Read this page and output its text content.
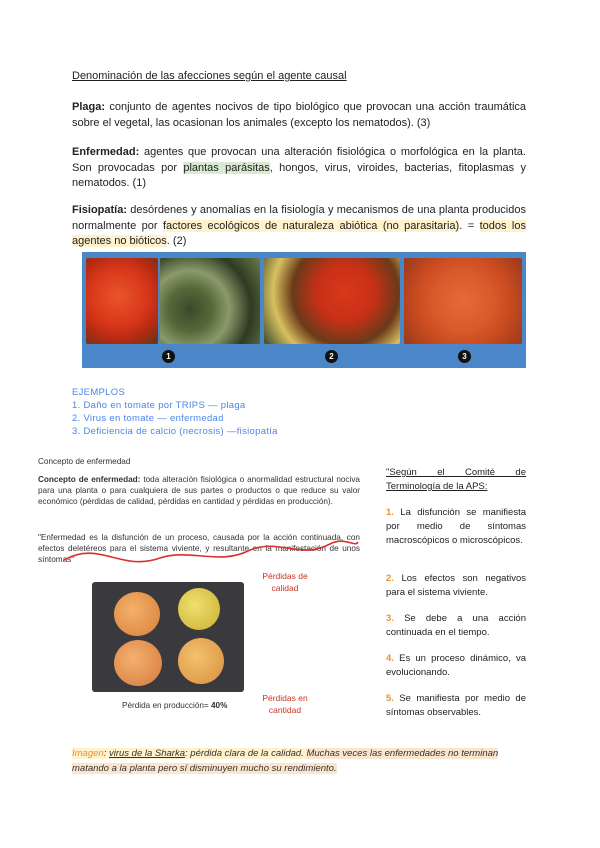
Denominación de las afecciones según el agente causal
Plaga: conjunto de agentes nocivos de tipo biológico que provocan una acción traumática sobre el vegetal, las ocasionan los animales (excepto los nematodos). (3)
Enfermedad: agentes que provocan una alteración fisiológica o morfológica en la planta. Son provocadas por plantas parásitas, hongos, virus, viroides, bacterias, fitoplasmas y nematodos. (1)
Fisiopatía: desórdenes y anomalías en la fisiología y mecanismos de una planta producidos normalmente por factores ecológicos de naturaleza abiótica (no parasitaria). = todos los agentes no bióticos. (2)
1	2	3
EJEMPLOS
1. Daño en tomate por TRIPS — plaga
2. Virus en tomate — enfermedad
3. Deficiencia de calcio (necrosis) —fisiopatía
Concepto de enfermedad
Concepto de enfermedad: toda alteración fisiológica o anormalidad estructural nociva para una planta o para cualquiera de sus partes o productos o que reduce su valor económico (pérdidas de calidad, pérdidas en cantidad y pérdidas en producción).
"Enfermedad es la disfunción de un proceso, causada por la acción continuada, con efectos deletéreos para el sistema viviente, y resultante en la manifestación de unos síntomas"
Pérdidas de calidad
Pérdidas en cantidad
Pérdida en producción= 40%
"Según el Comité de Terminología de la APS:
1. La disfunción se manifiesta por medio de síntomas macroscópicos o microscópicos.
2. Los efectos son negativos para el sistema viviente.
3. Se debe a una acción continuada en el tiempo.
4. Es un proceso dinámico, va evolucionando.
5. Se manifiesta por medio de síntomas observables.
Imagen: virus de la Sharka: pérdida clara de la calidad. Muchas veces las enfermedades no terminan matando a la planta pero sí disminuyen mucho su rendimiento.
